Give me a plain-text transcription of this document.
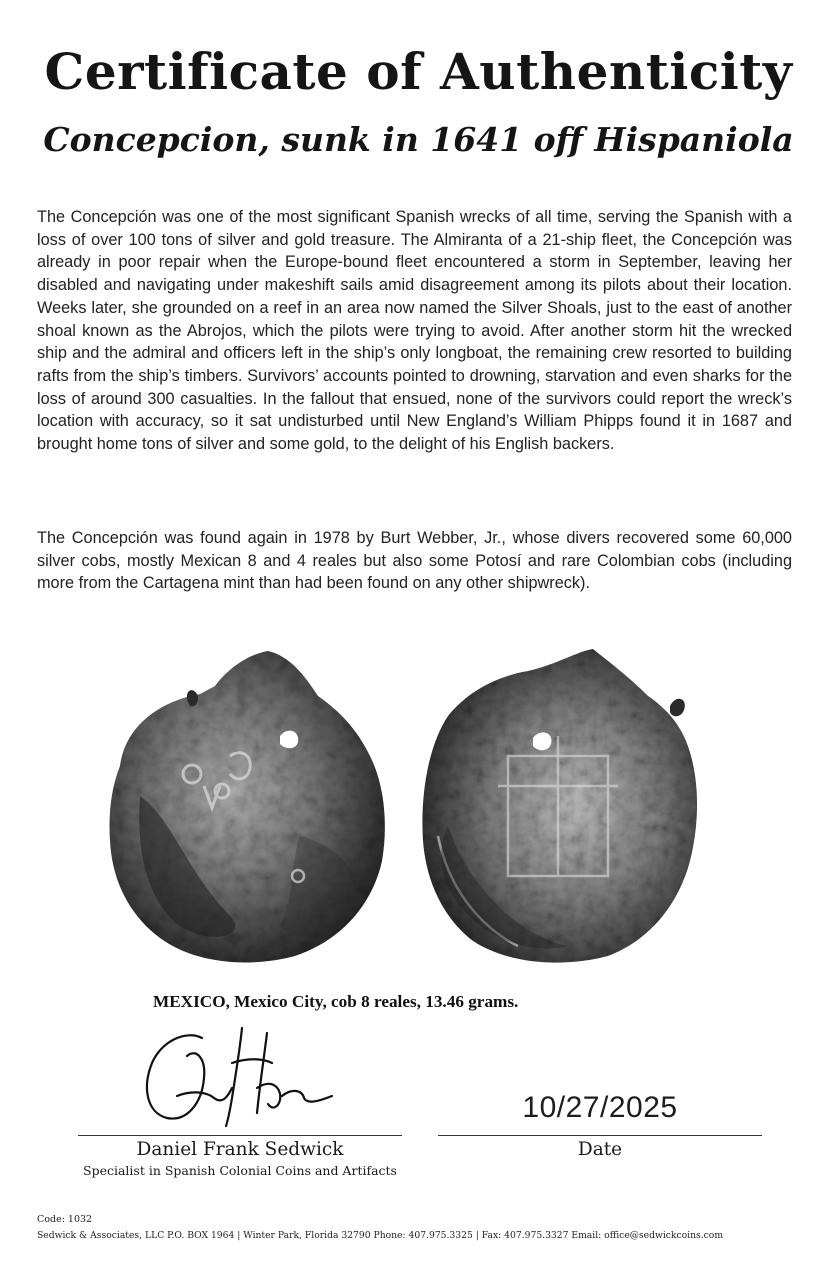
Certificate of Authenticity
Concepcion, sunk in 1641 off Hispaniola

The Concepción was one of the most significant Spanish wrecks of all time, serving the Spanish with a loss of over 100 tons of silver and gold treasure. The Almiranta of a 21-ship fleet, the Concepción was already in poor repair when the Europe-bound fleet encountered a storm in September, leaving her disabled and navigating under makeshift sails amid disagreement among its pilots about their location. Weeks later, she grounded on a reef in an area now named the Silver Shoals, just to the east of another shoal known as the Abrojos, which the pilots were trying to avoid. After another storm hit the wrecked ship and the admiral and officers left in the ship’s only longboat, the remaining crew resorted to building rafts from the ship’s timbers. Survivors’ accounts pointed to drowning, starvation and even sharks for the loss of around 300 casualties. In the fallout that ensued, none of the survivors could report the wreck’s location with accuracy, so it sat undisturbed until New England’s William Phipps found it in 1687 and brought home tons of silver and some gold, to the delight of his English backers.

The Concepción was found again in 1978 by Burt Webber, Jr., whose divers recovered some 60,000 silver cobs, mostly Mexican 8 and 4 reales but also some Potosí and rare Colombian cobs (including more from the Cartagena mint than had been found on any other shipwreck).

MEXICO, Mexico City, cob 8 reales, 13.46 grams.
10/27/2025
Daniel Frank Sedwick
Specialist in Spanish Colonial Coins and Artifacts
Date
Code: 1032
Sedwick & Associates, LLC P.O. BOX 1964 | Winter Park, Florida 32790 Phone: 407.975.3325 | Fax: 407.975.3327 Email: office@sedwickcoins.com
